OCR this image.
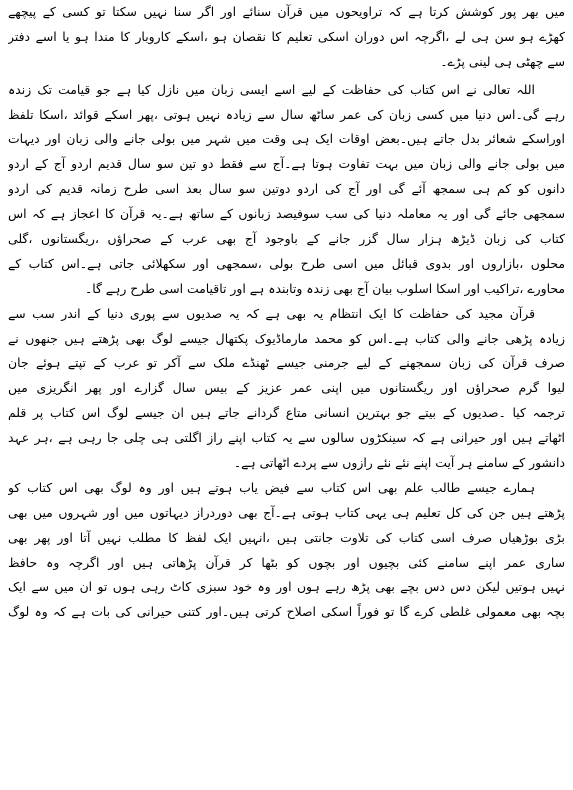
میں بھر پور کوشش کرتا ہے کہ تراویحوں میں قرآن سنائے اور اگر سنا نہیں سکتا تو کسی کے پیچھے
کھڑے ہو سن ہی لے ،اگرچہ اس دوران اسکی تعلیم کا نقصان ہو ،اسکے کاروبار کا مندا ہو یا اسے دفتر
سے چھٹی ہی لینی پڑے۔
اللہ تعالی نے اس کتاب کی حفاظت کے لیے اسے ایسی زبان میں نازل کیا ہے جو قیامت تک زندہ
رہے گی۔اس دنیا میں کسی زبان کی عمر ساٹھ سال سے زیادہ نہیں ہوتی ،پھر اسکے قوائد ،اسکا تلفظ
اوراسکے شعائر بدل جاتے ہیں۔بعض اوقات ایک ہی وقت میں شہر میں بولی جانے والی زبان اور دیہات
میں بولی جانے والی زبان میں بہت تفاوت ہوتا ہے۔آج سے فقط دو تین سو سال قدیم اردو آج کے اردو
دانوں کو کم ہی سمجھ آئے گی اور آج کی اردو دوتین سو سال بعد اسی طرح زمانہ قدیم کی اردو
سمجھی جائے گی اور یہ معاملہ دنیا کی سب سوفیصد زبانوں کے ساتھ ہے۔یہ قرآن کا اعجاز ہے کہ اس
کتاب کی زبان ڈیڑھ ہزار سال گزر جانے کے باوجود آج بھی عرب کے صحراؤں ،ریگستانوں ،گلی
محلوں ،بازاروں اور بدوی قبائل میں اسی طرح بولی ،سمجھی اور سکھلائی جاتی ہے۔اس کتاب کے
محاورے ،تراکیب اور اسکا اسلوب بیان آج بھی زندہ وتابندہ ہے اور تاقیامت اسی طرح رہے گا۔
قرآن مجید کی حفاظت کا ایک انتظام یہ بھی ہے کہ یہ صدیوں سے پوری دنیا کے اندر سب سے
زیادہ پڑھی جانے والی کتاب ہے۔اس کو محمد مارماڈیوک پکتھال جیسے لوگ بھی پڑھتے ہیں جنھوں نے
صرف قرآن کی زبان سمجھنے کے لیے جرمنی جیسے ٹھنڈے ملک سے آکر تو عرب کے تپتے ہوئے جان
لیوا گرم صحراؤں اور ریگستانوں میں اپنی عمر عزیز کے بیس سال گزارے اور پھر انگریزی میں
ترجمہ کیا ۔صدیوں کے بیتے جو بہترین انسانی متاع گردانے جاتے ہیں ان جیسے لوگ اس کتاب پر قلم
اٹھاتے ہیں اور حیرانی ہے کہ سینکڑوں سالوں سے یہ کتاب اپنے راز اگلتی ہی چلی جا رہی ہے ،ہر عہد
دانشور کے سامنے ہر آیت اپنے نئے نئے رازوں سے پردے اٹھاتی ہے۔
ہمارے جیسے طالب علم بھی اس کتاب سے فیض یاب ہوتے ہیں اور وہ لوگ بھی اس کتاب کو
پڑھتے ہیں جن کی کل تعلیم ہی یہی کتاب ہوتی ہے۔آج بھی دوردراز دیہاتوں میں اور شہروں میں بھی
بڑی بوڑھیاں صرف اسی کتاب کی تلاوت جانتی ہیں ،انہیں ایک لفظ کا مطلب نہیں آتا اور پھر بھی
ساری عمر اپنے سامنے کئی بچیوں اور بچوں کو بٹھا کر قرآن پڑھاتی ہیں اور اگرچہ وہ حافظ
نہیں ہوتیں لیکن دس دس بچے بھی پڑھ رہے ہوں اور وہ خود سبزی کاٹ رہی ہوں تو ان میں سے ایک
بچہ بھی معمولی غلطی کرے گا تو فوراً اسکی اصلاح کرتی ہیں۔اور کتنی حیرانی کی بات ہے کہ وہ لوگ
